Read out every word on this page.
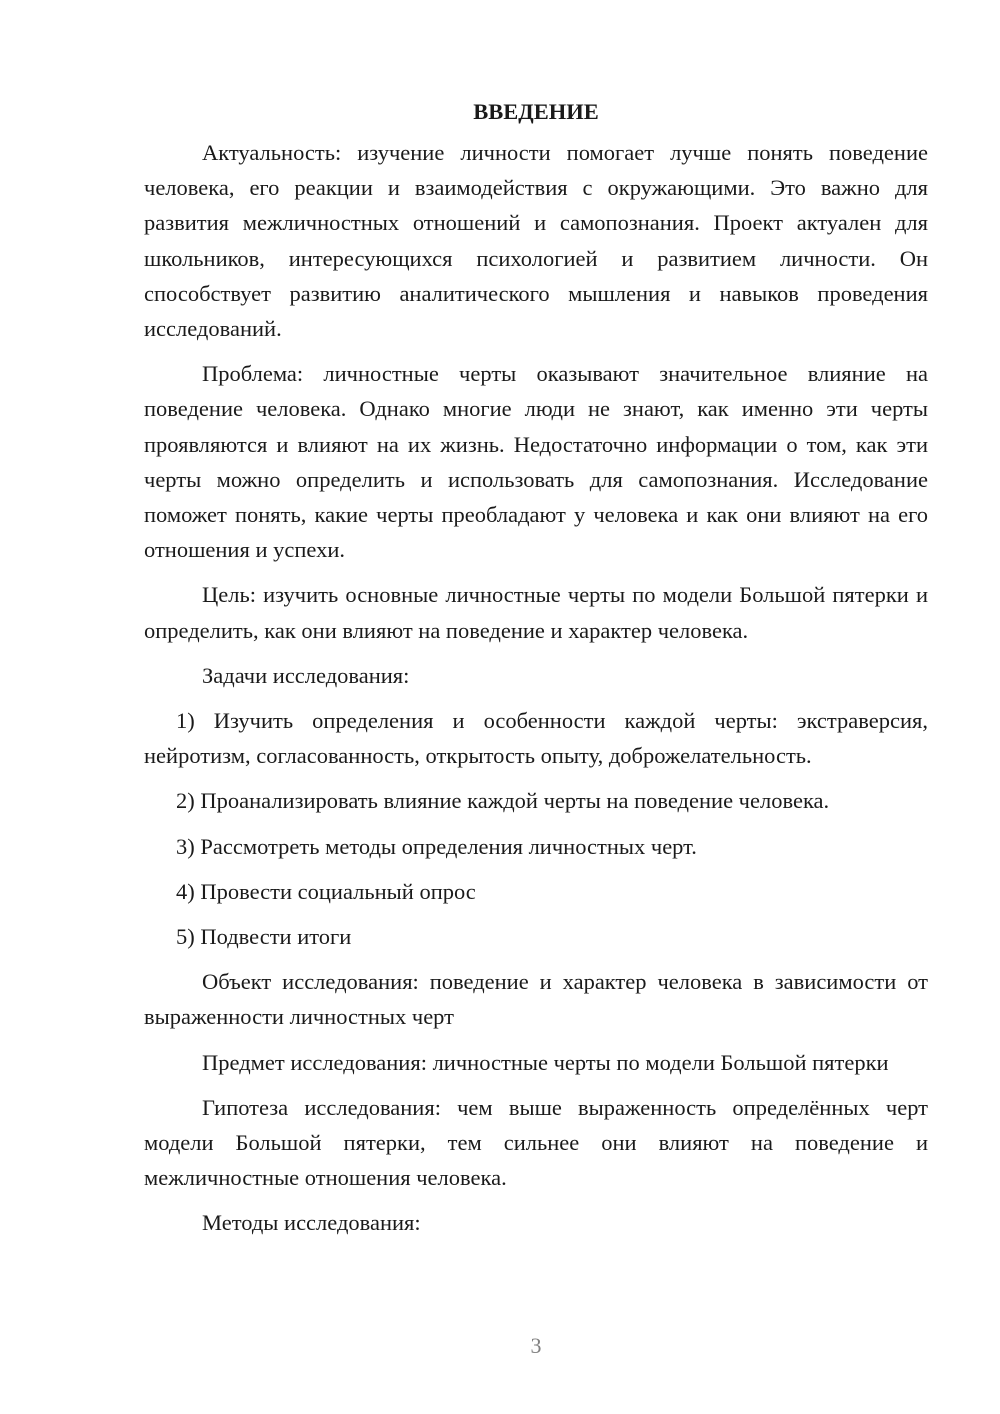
ВВЕДЕНИЕ

Актуальность: изучение личности помогает лучше понять поведение человека, его реакции и взаимодействия с окружающими. Это важно для развития межличностных отношений и самопознания. Проект актуален для школьников, интересующихся психологией и развитием личности. Он способствует развитию аналитического мышления и навыков проведения исследований.

Проблема: личностные черты оказывают значительное влияние на поведение человека. Однако многие люди не знают, как именно эти черты проявляются и влияют на их жизнь. Недостаточно информации о том, как эти черты можно определить и использовать для самопознания. Исследование поможет понять, какие черты преобладают у человека и как они влияют на его отношения и успехи.

Цель: изучить основные личностные черты по модели Большой пятерки и определить, как они влияют на поведение и характер человека.

Задачи исследования:

1) Изучить определения и особенности каждой черты: экстраверсия, нейротизм, согласованность, открытость опыту, доброжелательность.

2) Проанализировать влияние каждой черты на поведение человека.

3) Рассмотреть методы определения личностных черт.

4) Провести социальный опрос

5) Подвести итоги

Объект исследования: поведение и характер человека в зависимости от выраженности личностных черт

Предмет исследования: личностные черты по модели Большой пятерки

Гипотеза исследования: чем выше выраженность определённых черт модели Большой пятерки, тем сильнее они влияют на поведение и межличностные отношения человека.

Методы исследования:

3
